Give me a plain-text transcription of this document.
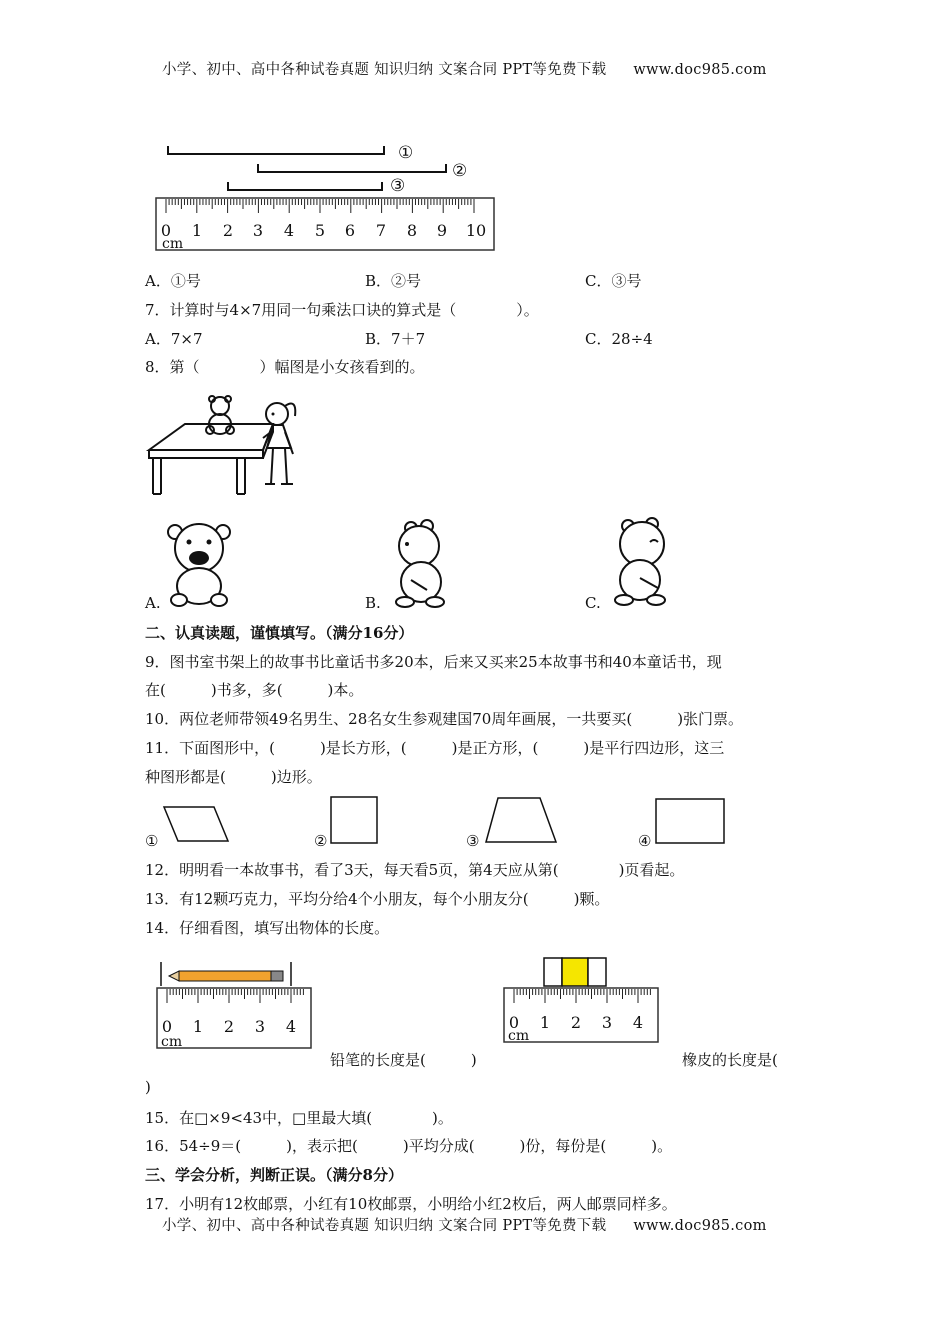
小学、初中、高中各种试卷真题 知识归纳 文案合同 PPT等免费下载 www.doc985.com
①
②
③
0 1 2 3 4 5 6 7 8 9 10
cm
A．①号	B．②号	C．③号
7．计算时与4×7用同一句乘法口诀的算式是（　　　　）。
A．7×7	B．7＋7	C．28÷4
8．第（　　　　）幅图是小女孩看到的。
A.	B.	C.
二、认真读题，谨慎填写。（满分16分）
9．图书室书架上的故事书比童话书多20本，后来又买来25本故事书和40本童话书，现
在(　　　)书多，多(　　　)本。
10．两位老师带领49名男生、28名女生参观建国70周年画展，一共要买(　　　)张门票。
11．下面图形中，(　　　)是长方形，(　　　)是正方形，(　　　)是平行四边形，这三
种图形都是(　　　)边形。
①	②	③	④
12．明明看一本故事书，看了3天，每天看5页，第4天应从第(　　　　)页看起。
13．有12颗巧克力，平均分给4个小朋友，每个小朋友分(　　　)颗。
14．仔细看图，填写出物体的长度。
0 1 2 3 4
cm
0 1 2 3 4
cm
铅笔的长度是(　　　)	橡皮的长度是(
)
15．在□×9<43中，□里最大填(　　　　)。
16．54÷9＝(　　　)，表示把(　　　)平均分成(　　　)份，每份是(　　　)。
三、学会分析，判断正误。（满分8分）
17．小明有12枚邮票，小红有10枚邮票，小明给小红2枚后，两人邮票同样多。
小学、初中、高中各种试卷真题 知识归纳 文案合同 PPT等免费下载 www.doc985.com
